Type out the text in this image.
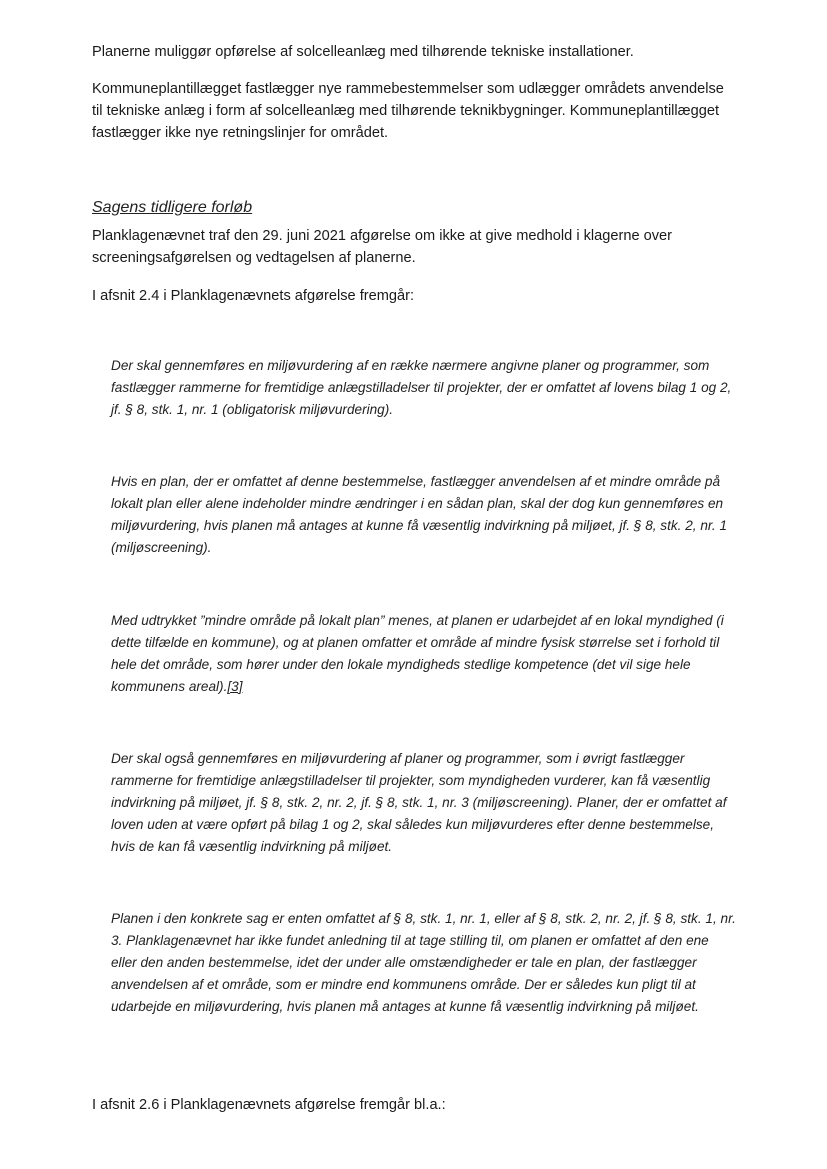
Planerne muliggør opførelse af solcelleanlæg med tilhørende tekniske installationer.

Kommuneplantillægget fastlægger nye rammebestemmelser som udlægger områdets anvendelse til tekniske anlæg i form af solcelleanlæg med tilhørende teknikbygninger. Kommuneplantillægget fastlægger ikke nye retningslinjer for området.

Sagens tidligere forløb

Planklagenævnet traf den 29. juni 2021 afgørelse om ikke at give medhold i klagerne over screeningsafgørelsen og vedtagelsen af planerne.

I afsnit 2.4 i Planklagenævnets afgørelse fremgår:

Der skal gennemføres en miljøvurdering af en række nærmere angivne planer og programmer, som fastlægger rammerne for fremtidige anlægstilladelser til projekter, der er omfattet af lovens bilag 1 og 2, jf. § 8, stk. 1, nr. 1 (obligatorisk miljøvurdering).

Hvis en plan, der er omfattet af denne bestemmelse, fastlægger anvendelsen af et mindre område på lokalt plan eller alene indeholder mindre ændringer i en sådan plan, skal der dog kun gennemføres en miljøvurdering, hvis planen må antages at kunne få væsentlig indvirkning på miljøet, jf. § 8, stk. 2, nr. 1 (miljøscreening).

Med udtrykket ”mindre område på lokalt plan” menes, at planen er udarbejdet af en lokal myndighed (i dette tilfælde en kommune), og at planen omfatter et område af mindre fysisk størrelse set i forhold til hele det område, som hører under den lokale myndigheds stedlige kompetence (det vil sige hele kommunens areal).[3]

Der skal også gennemføres en miljøvurdering af planer og programmer, som i øvrigt fastlægger rammerne for fremtidige anlægstilladelser til projekter, som myndigheden vurderer, kan få væsentlig indvirkning på miljøet, jf. § 8, stk. 2, nr. 2, jf. § 8, stk. 1, nr. 3 (miljøscreening). Planer, der er omfattet af loven uden at være opført på bilag 1 og 2, skal således kun miljøvurderes efter denne bestemmelse, hvis de kan få væsentlig indvirkning på miljøet.

Planen i den konkrete sag er enten omfattet af § 8, stk. 1, nr. 1, eller af § 8, stk. 2, nr. 2, jf. § 8, stk. 1, nr. 3. Planklagenævnet har ikke fundet anledning til at tage stilling til, om planen er omfattet af den ene eller den anden bestemmelse, idet der under alle omstændigheder er tale en plan, der fastlægger anvendelsen af et område, som er mindre end kommunens område. Der er således kun pligt til at udarbejde en miljøvurdering, hvis planen må antages at kunne få væsentlig indvirkning på miljøet.

I afsnit 2.6 i Planklagenævnets afgørelse fremgår bl.a.:
